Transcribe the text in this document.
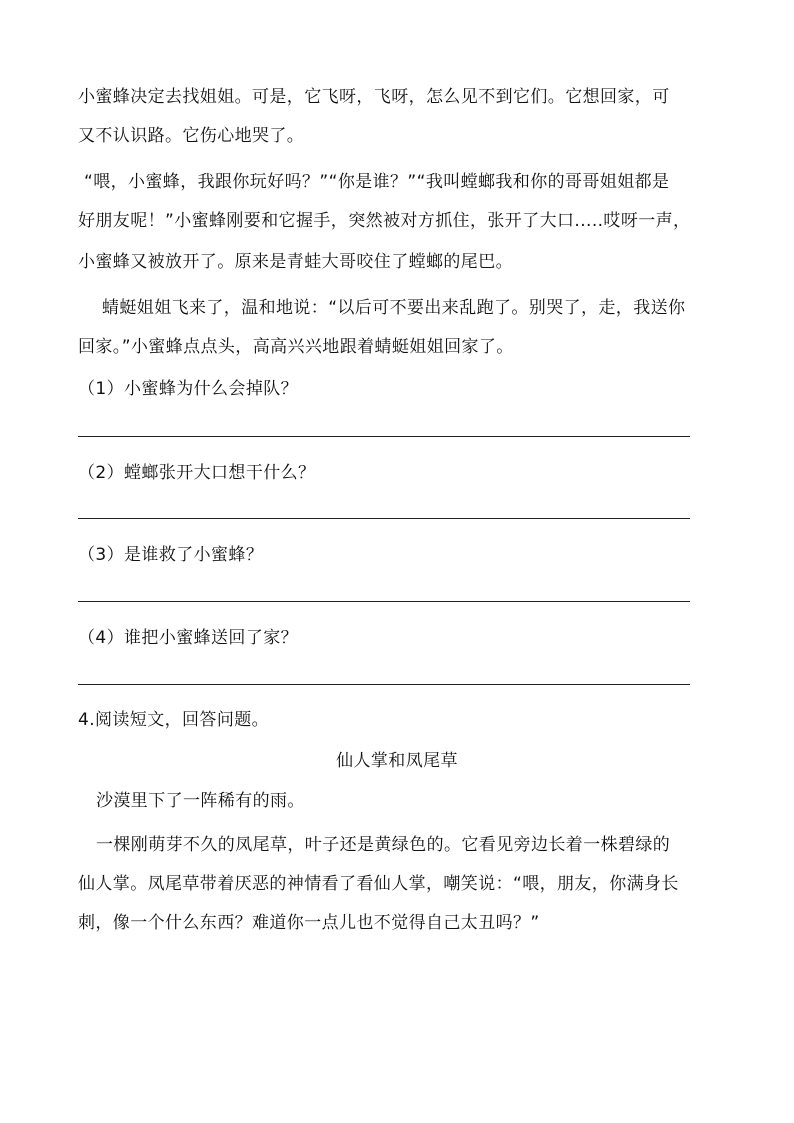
小蜜蜂决定去找姐姐。可是，它飞呀，飞呀，怎么见不到它们。它想回家，可
又不认识路。它伤心地哭了。
“喂，小蜜蜂，我跟你玩好吗？”“你是谁？”“我叫螳螂我和你的哥哥姐姐都是
好朋友呢！”小蜜蜂刚要和它握手，突然被对方抓住，张开了大口.....哎呀一声，
小蜜蜂又被放开了。原来是青蛙大哥咬住了螳螂的尾巴。
蜻蜓姐姐飞来了，温和地说：“以后可不要出来乱跑了。别哭了，走，我送你
回家。”小蜜蜂点点头，高高兴兴地跟着蜻蜓姐姐回家了。
（1）小蜜蜂为什么会掉队？
（2）螳螂张开大口想干什么？
（3）是谁救了小蜜蜂？
（4）谁把小蜜蜂送回了家？
4.阅读短文，回答问题。
仙人掌和凤尾草
沙漠里下了一阵稀有的雨。
一棵刚萌芽不久的凤尾草，叶子还是黄绿色的。它看见旁边长着一株碧绿的
仙人掌。凤尾草带着厌恶的神情看了看仙人掌，嘲笑说：“喂，朋友，你满身长
刺，像一个什么东西？难道你一点儿也不觉得自己太丑吗？”
